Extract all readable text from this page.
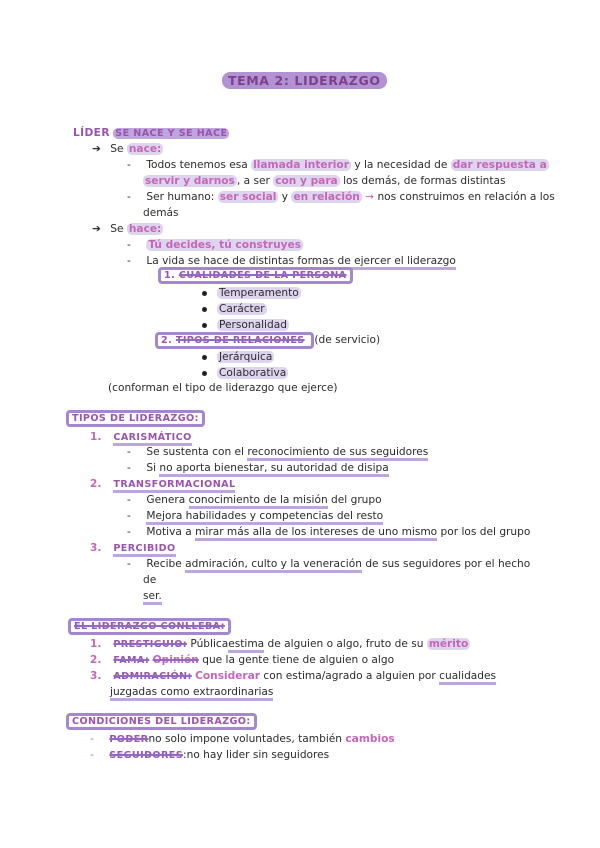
TEMA 2: LIDERAZGO
LÍDER SE NACE Y SE HACE
➔ Se nace:
- Todos tenemos esa llamada interior y la necesidad de dar respuesta a
servir y darnos , a ser con y para los demás, de formas distintas
- Ser humano: ser social y en relación → nos construimos en relación a los
demás
➔ Se hace:
- Tú decides, tú construyes
- La vida se hace de distintas formas de ejercer el liderazgo
1. CUALIDADES DE LA PERSONA
Temperamento
Carácter
Personalidad
2. TIPOS DE RELACIONES (de servicio)
Jerárquica
Colaborativa
(conforman el tipo de liderazgo que ejerce)
TIPOS DE LIDERAZGO:
1. CARISMÁTICO
- Se sustenta con el reconocimiento de sus seguidores
- Si no aporta bienestar, su autoridad de disipa
2. TRANSFORMACIONAL
- Genera conocimiento de la misión del grupo
- Mejora habilidades y competencias del resto
- Motiva a mirar más alla de los intereses de uno mismo por los del grupo
3. PERCIBIDO
- Recibe admiración, culto y la veneración de sus seguidores por el hecho
de
ser.
EL LIDERAZGO CONLLEBA:
1. PRESTIGUIO: Públicaestima de alguien o algo, fruto de su mérito
2. FAMA: Opinión que la gente tiene de alguien o algo
3. ADMIRACIÓN: Considerar con estima/agrado a alguien por cualidades
juzgadas como extraordinarias
CONDICIONES DEL LIDERAZGO:
- PODERno solo impone voluntades, también cambios
- SEGUIDORES:no hay lider sin seguidores
